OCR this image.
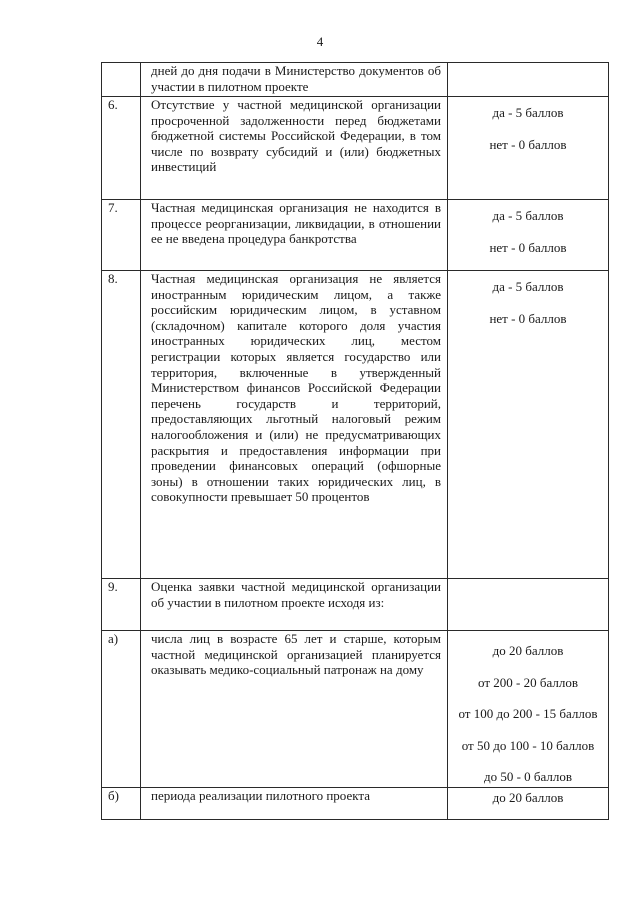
4

	дней до дня подачи в Министерство документов об участии в пилотном проекте	

6.	Отсутствие у частной медицинской организации просроченной задолженности перед бюджетами бюджетной системы Российской Федерации, в том числе по возврату субсидий и (или) бюджетных инвестиций	да - 5 баллов
нет - 0 баллов

7.	Частная медицинская организация не находится в процессе реорганизации, ликвидации, в отношении ее не введена процедура банкротства	да - 5 баллов
нет - 0 баллов

8.	Частная медицинская организация не является иностранным юридическим лицом, а также российским юридическим лицом, в уставном (складочном) капитале которого доля участия иностранных юридических лиц, местом регистрации которых является государство или территория, включенные в утвержденный Министерством финансов Российской Федерации перечень государств и территорий, предоставляющих льготный налоговый режим налогообложения и (или) не предусматривающих раскрытия и предоставления информации при проведении финансовых операций (офшорные зоны) в отношении таких юридических лиц, в совокупности превышает 50 процентов	да - 5 баллов
нет - 0 баллов

9.	Оценка заявки частной медицинской организации об участии в пилотном проекте исходя из:	

а)	числа лиц в возрасте 65 лет и старше, которым частной медицинской организацией планируется оказывать медико-социальный патронаж на дому	до 20 баллов
от 200 - 20 баллов
от 100 до 200 - 15 баллов
от 50 до 100 - 10 баллов
до 50 - 0 баллов

б)	периода реализации пилотного проекта	до 20 баллов
